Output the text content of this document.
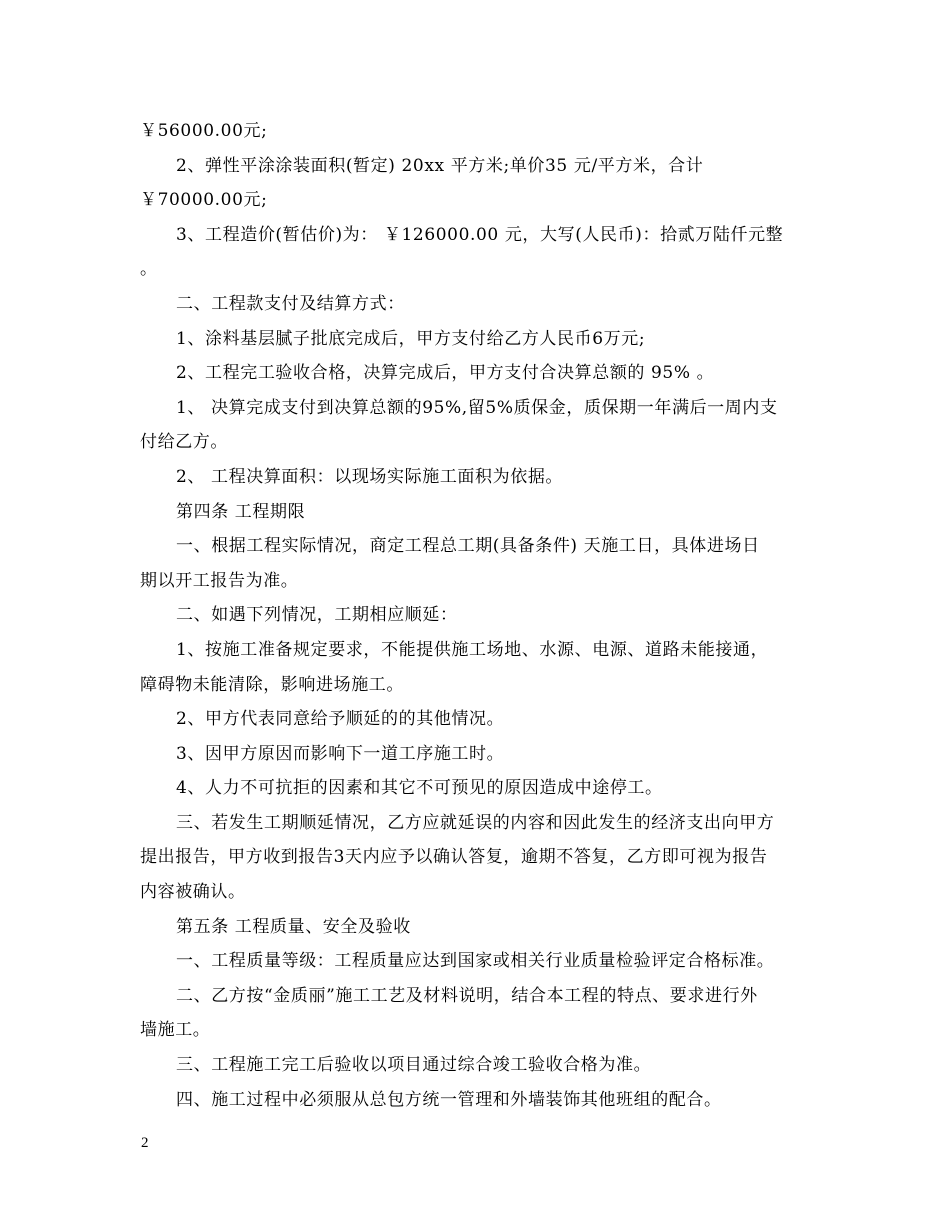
￥56000.00元;
2、弹性平涂涂装面积(暂定) 20xx 平方米;单价35 元/平方米，合计
￥70000.00元;
3、工程造价(暂估价)为： ￥126000.00 元，大写(人民币)：拾贰万陆仟元整
。
二、工程款支付及结算方式：
1、涂料基层腻子批底完成后，甲方支付给乙方人民币6万元;
2、工程完工验收合格，决算完成后，甲方支付合决算总额的 95% 。
1、 决算完成支付到决算总额的95%,留5%质保金，质保期一年满后一周内支
付给乙方。
2、 工程决算面积：以现场实际施工面积为依据。
第四条 工程期限
一、根据工程实际情况，商定工程总工期(具备条件) 天施工日，具体进场日
期以开工报告为准。
二、如遇下列情况，工期相应顺延：
1、按施工准备规定要求，不能提供施工场地、水源、电源、道路未能接通，
障碍物未能清除，影响进场施工。
2、甲方代表同意给予顺延的的其他情况。
3、因甲方原因而影响下一道工序施工时。
4、人力不可抗拒的因素和其它不可预见的原因造成中途停工。
三、若发生工期顺延情况，乙方应就延误的内容和因此发生的经济支出向甲方
提出报告，甲方收到报告3天内应予以确认答复，逾期不答复，乙方即可视为报告
内容被确认。
第五条 工程质量、安全及验收
一、工程质量等级：工程质量应达到国家或相关行业质量检验评定合格标准。
二、乙方按“金质丽”施工工艺及材料说明，结合本工程的特点、要求进行外
墙施工。
三、工程施工完工后验收以项目通过综合竣工验收合格为准。
四、施工过程中必须服从总包方统一管理和外墙装饰其他班组的配合。
2
